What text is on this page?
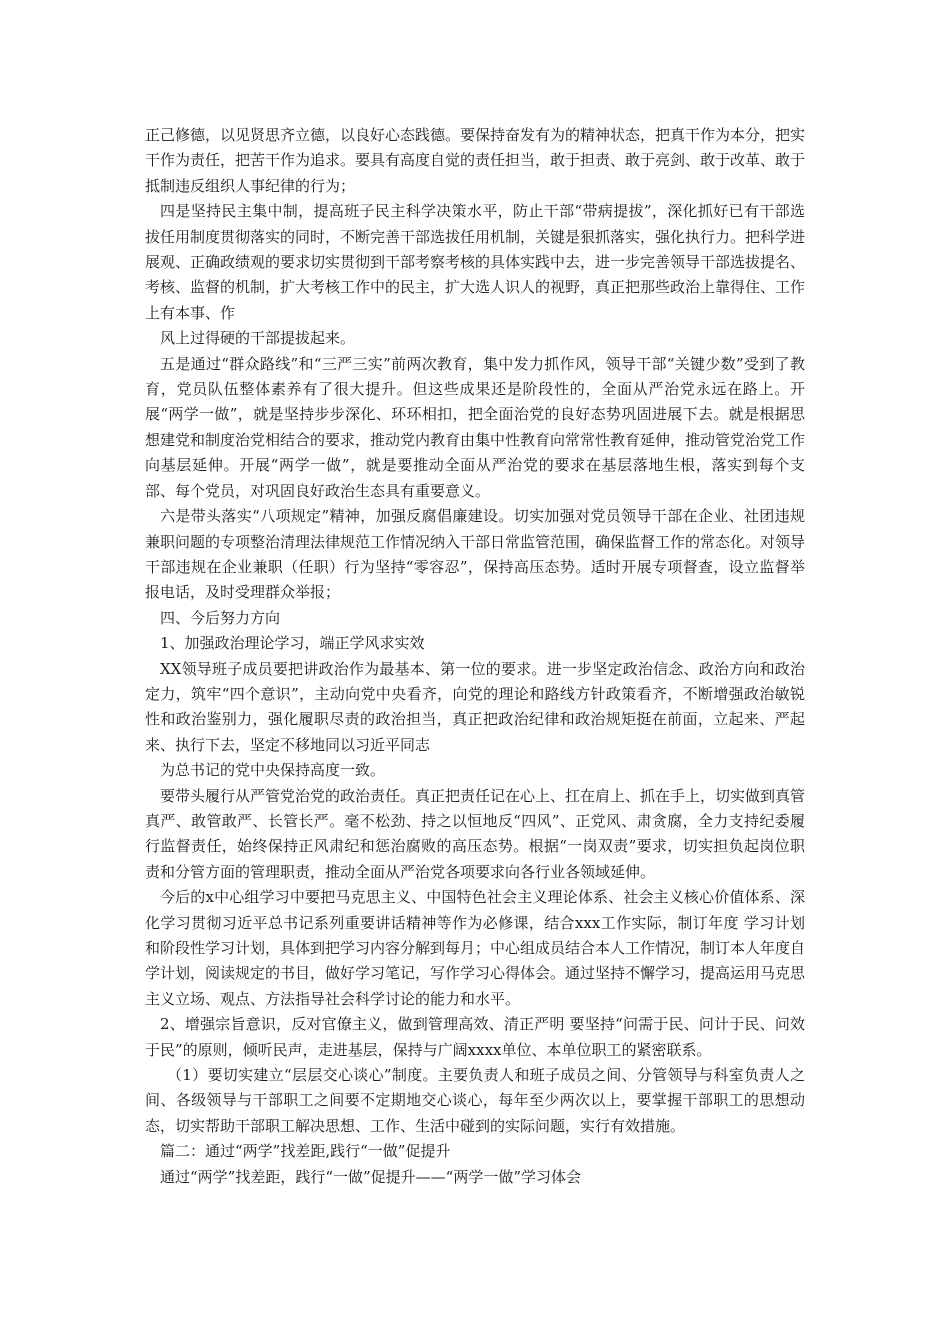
正己修德，以见贤思齐立德，以良好心态践德。要保持奋发有为的精神状态，把真干作为本分，把实干作为责任，把苦干作为追求。要具有高度自觉的责任担当，敢于担责、敢于亮剑、敢于改革、敢于抵制违反组织人事纪律的行为；

四是坚持民主集中制，提高班子民主科学决策水平，防止干部“带病提拔”，深化抓好已有干部选拔任用制度贯彻落实的同时，不断完善干部选拔任用机制，关键是狠抓落实，强化执行力。把科学进展观、正确政绩观的要求切实贯彻到干部考察考核的具体实践中去，进一步完善领导干部选拔提名、考核、监督的机制，扩大考核工作中的民主，扩大选人识人的视野，真正把那些政治上靠得住、工作上有本事、作

风上过得硬的干部提拔起来。

五是通过“群众路线”和“三严三实”前两次教育，集中发力抓作风，领导干部“关键少数”受到了教育，党员队伍整体素养有了很大提升。但这些成果还是阶段性的，全面从严治党永远在路上。开展“两学一做”，就是坚持步步深化、环环相扣，把全面治党的良好态势巩固进展下去。就是根据思想建党和制度治党相结合的要求，推动党内教育由集中性教育向常常性教育延伸，推动管党治党工作向基层延伸。开展“两学一做”，就是要推动全面从严治党的要求在基层落地生根，落实到每个支部、每个党员，对巩固良好政治生态具有重要意义。

六是带头落实“八项规定”精神，加强反腐倡廉建设。切实加强对党员领导干部在企业、社团违规兼职问题的专项整治清理法律规范工作情况纳入干部日常监管范围，确保监督工作的常态化。对领导干部违规在企业兼职（任职）行为坚持“零容忍”，保持高压态势。适时开展专项督查，设立监督举报电话，及时受理群众举报；

四、今后努力方向

1、加强政治理论学习，端正学风求实效

XX领导班子成员要把讲政治作为最基本、第一位的要求。进一步坚定政治信念、政治方向和政治定力，筑牢“四个意识”，主动向党中央看齐，向党的理论和路线方针政策看齐，不断增强政治敏锐性和政治鉴别力，强化履职尽责的政治担当，真正把政治纪律和政治规矩挺在前面，立起来、严起来、执行下去，坚定不移地同以习近平同志

为总书记的党中央保持高度一致。

要带头履行从严管党治党的政治责任。真正把责任记在心上、扛在肩上、抓在手上，切实做到真管真严、敢管敢严、长管长严。毫不松劲、持之以恒地反“四风”、正党风、肃贪腐，全力支持纪委履行监督责任，始终保持正风肃纪和惩治腐败的高压态势。根据“一岗双责”要求，切实担负起岗位职责和分管方面的管理职责，推动全面从严治党各项要求向各行业各领域延伸。

今后的x中心组学习中要把马克思主义、中国特色社会主义理论体系、社会主义核心价值体系、深化学习贯彻习近平总书记系列重要讲话精神等作为必修课，结合xxx工作实际，制订年度 学习计划 和阶段性学习计划，具体到把学习内容分解到每月；中心组成员结合本人工作情况，制订本人年度自学计划，阅读规定的书目，做好学习笔记，写作学习心得体会。通过坚持不懈学习，提高运用马克思主义立场、观点、方法指导社会科学讨论的能力和水平。

2、增强宗旨意识，反对官僚主义，做到管理高效、清正严明 要坚持“问需于民、问计于民、问效于民”的原则，倾听民声，走进基层，保持与广阔xxxx单位、本单位职工的紧密联系。

（1）要切实建立“层层交心谈心”制度。主要负责人和班子成员之间、分管领导与科室负责人之间、各级领导与干部职工之间要不定期地交心谈心，每年至少两次以上，要掌握干部职工的思想动态，切实帮助干部职工解决思想、工作、生活中碰到的实际问题，实行有效措施。

篇二：通过“两学”找差距,践行“一做”促提升

通过“两学”找差距，践行“一做”促提升——“两学一做”学习体会
